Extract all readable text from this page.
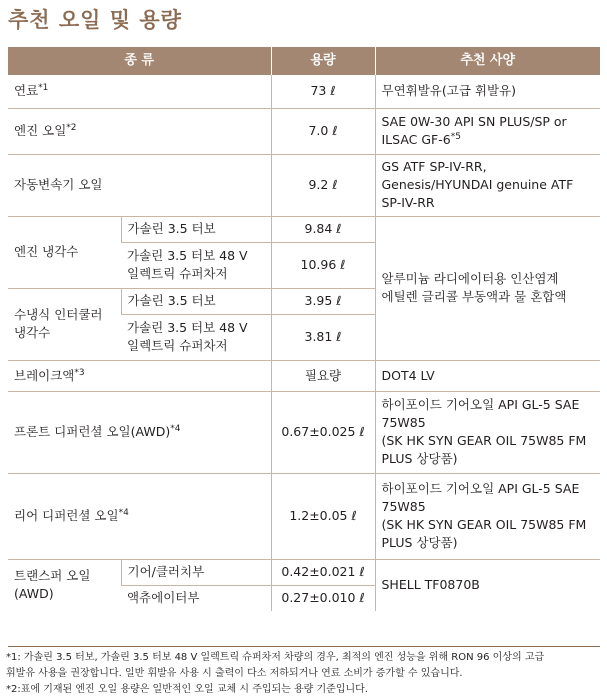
추천 오일 및 용량
종 류		용량	추천 사양
연료$^{*1}$		73 ℓ	무연휘발유(고급 휘발유)
엔진 오일$^{*2}$		7.0 ℓ	SAE 0W-30 API SN PLUS/SP or
ILSAC GF-6$^{*5}$
자동변속기 오일		9.2 ℓ	GS ATF SP-IV-RR,
Genesis/HYUNDAI genuine ATF
SP-IV-RR
엔진 냉각수	가솔린 3.5 터보	9.84 ℓ	알루미늄 라디에이터용 인산염계
에틸렌 글리콜 부동액과 물 혼합액
	가솔린 3.5 터보 48 V
일렉트릭 슈퍼차저	10.96 ℓ	
수냉식 인터쿨러
냉각수	가솔린 3.5 터보	3.95 ℓ	
	가솔린 3.5 터보 48 V
일렉트릭 슈퍼차저	3.81 ℓ	
브레이크액$^{*3}$		필요량	DOT4 LV
프론트 디퍼런셜 오일(AWD)$^{*4}$		0.67±0.025 ℓ	하이포이드 기어오일 API GL-5 SAE
75W85
(SK HK SYN GEAR OIL 75W85 FM
PLUS 상당품)
리어 디퍼런셜 오일$^{*4}$		1.2±0.05 ℓ	하이포이드 기어오일 API GL-5 SAE
75W85
(SK HK SYN GEAR OIL 75W85 FM
PLUS 상당품)
트랜스퍼 오일
(AWD)	기어/클러치부	0.42±0.021 ℓ	SHELL TF0870B
	액츄에이터부	0.27±0.010 ℓ	

*1: 가솔린 3.5 터보, 가솔린 3.5 터보 48 V 일렉트릭 슈퍼차저 차량의 경우, 최적의 엔진 성능을 위해 RON 96 이상의 고급

휘발유 사용을 권장합니다. 일반 휘발유 사용 시 출력이 다소 저하되거나 연료 소비가 증가할 수 있습니다.

*2:표에 기재된 엔진 오일 용량은 일반적인 오일 교체 시 주입되는 용량 기준입니다.
